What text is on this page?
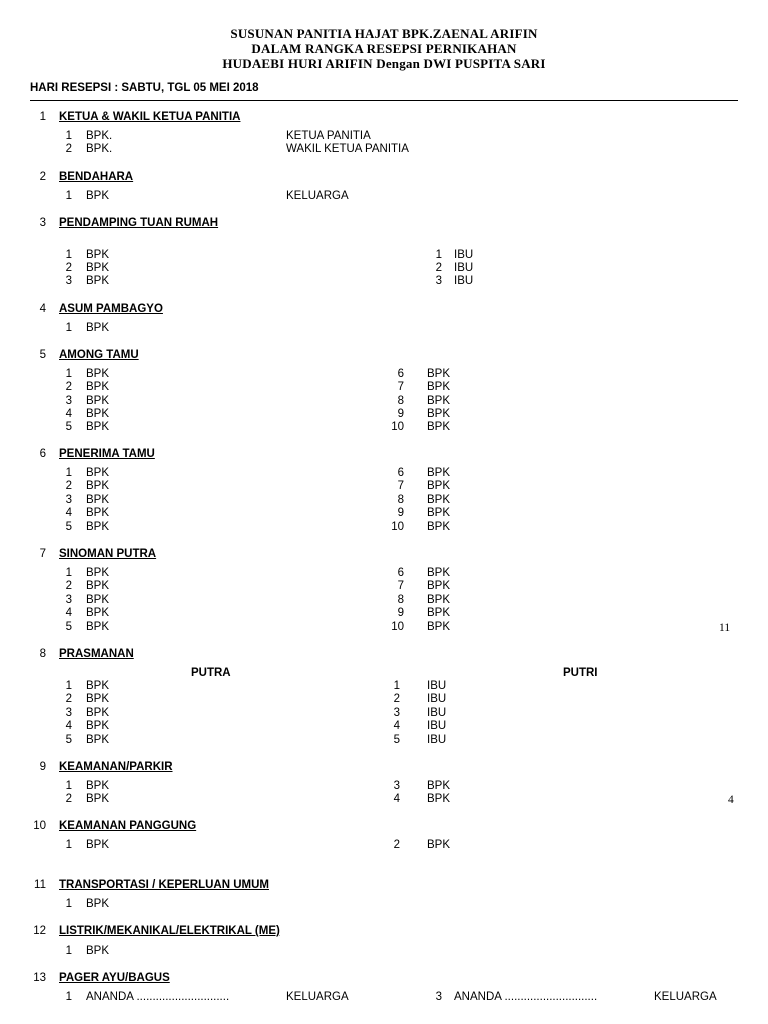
SUSUNAN PANITIA HAJAT BPK.ZAENAL ARIFIN
DALAM RANGKA RESEPSI PERNIKAHAN
HUDAEBI HURI ARIFIN Dengan DWI PUSPITA SARI
HARI RESEPSI : SABTU, TGL 05 MEI 2018
1 KETUA & WAKIL KETUA PANITIA
1 BPK.	KETUA PANITIA
2 BPK.	WAKIL KETUA PANITIA
2 BENDAHARA
1 BPK	KELUARGA
3 PENDAMPING TUAN RUMAH
1 BPK	1 IBU
2 BPK	2 IBU
3 BPK	3 IBU
4 ASUM PAMBAGYO
1 BPK
5 AMONG TAMU
1 BPK	6 BPK
2 BPK	7 BPK
3 BPK	8 BPK
4 BPK	9 BPK
5 BPK	10 BPK
6 PENERIMA TAMU
1 BPK	6 BPK
2 BPK	7 BPK
3 BPK	8 BPK
4 BPK	9 BPK
5 BPK	10 BPK
7 SINOMAN PUTRA
1 BPK	6 BPK
2 BPK	7 BPK
3 BPK	8 BPK
4 BPK	9 BPK
5 BPK	10 BPK	11
8 PRASMANAN
PUTRA	PUTRI
1 BPK	1 IBU
2 BPK	2 IBU
3 BPK	3 IBU
4 BPK	4 IBU
5 BPK	5 IBU
9 KEAMANAN/PARKIR
1 BPK	3 BPK
2 BPK	4 BPK	4
10 KEAMANAN PANGGUNG
1 BPK	2 BPK
11 TRANSPORTASI / KEPERLUAN UMUM
1 BPK
12 LISTRIK/MEKANIKAL/ELEKTRIKAL (ME)
1 BPK
13 PAGER AYU/BAGUS
1 ANANDA .............................	KELUARGA	3 ANANDA .............................	KELUARGA
